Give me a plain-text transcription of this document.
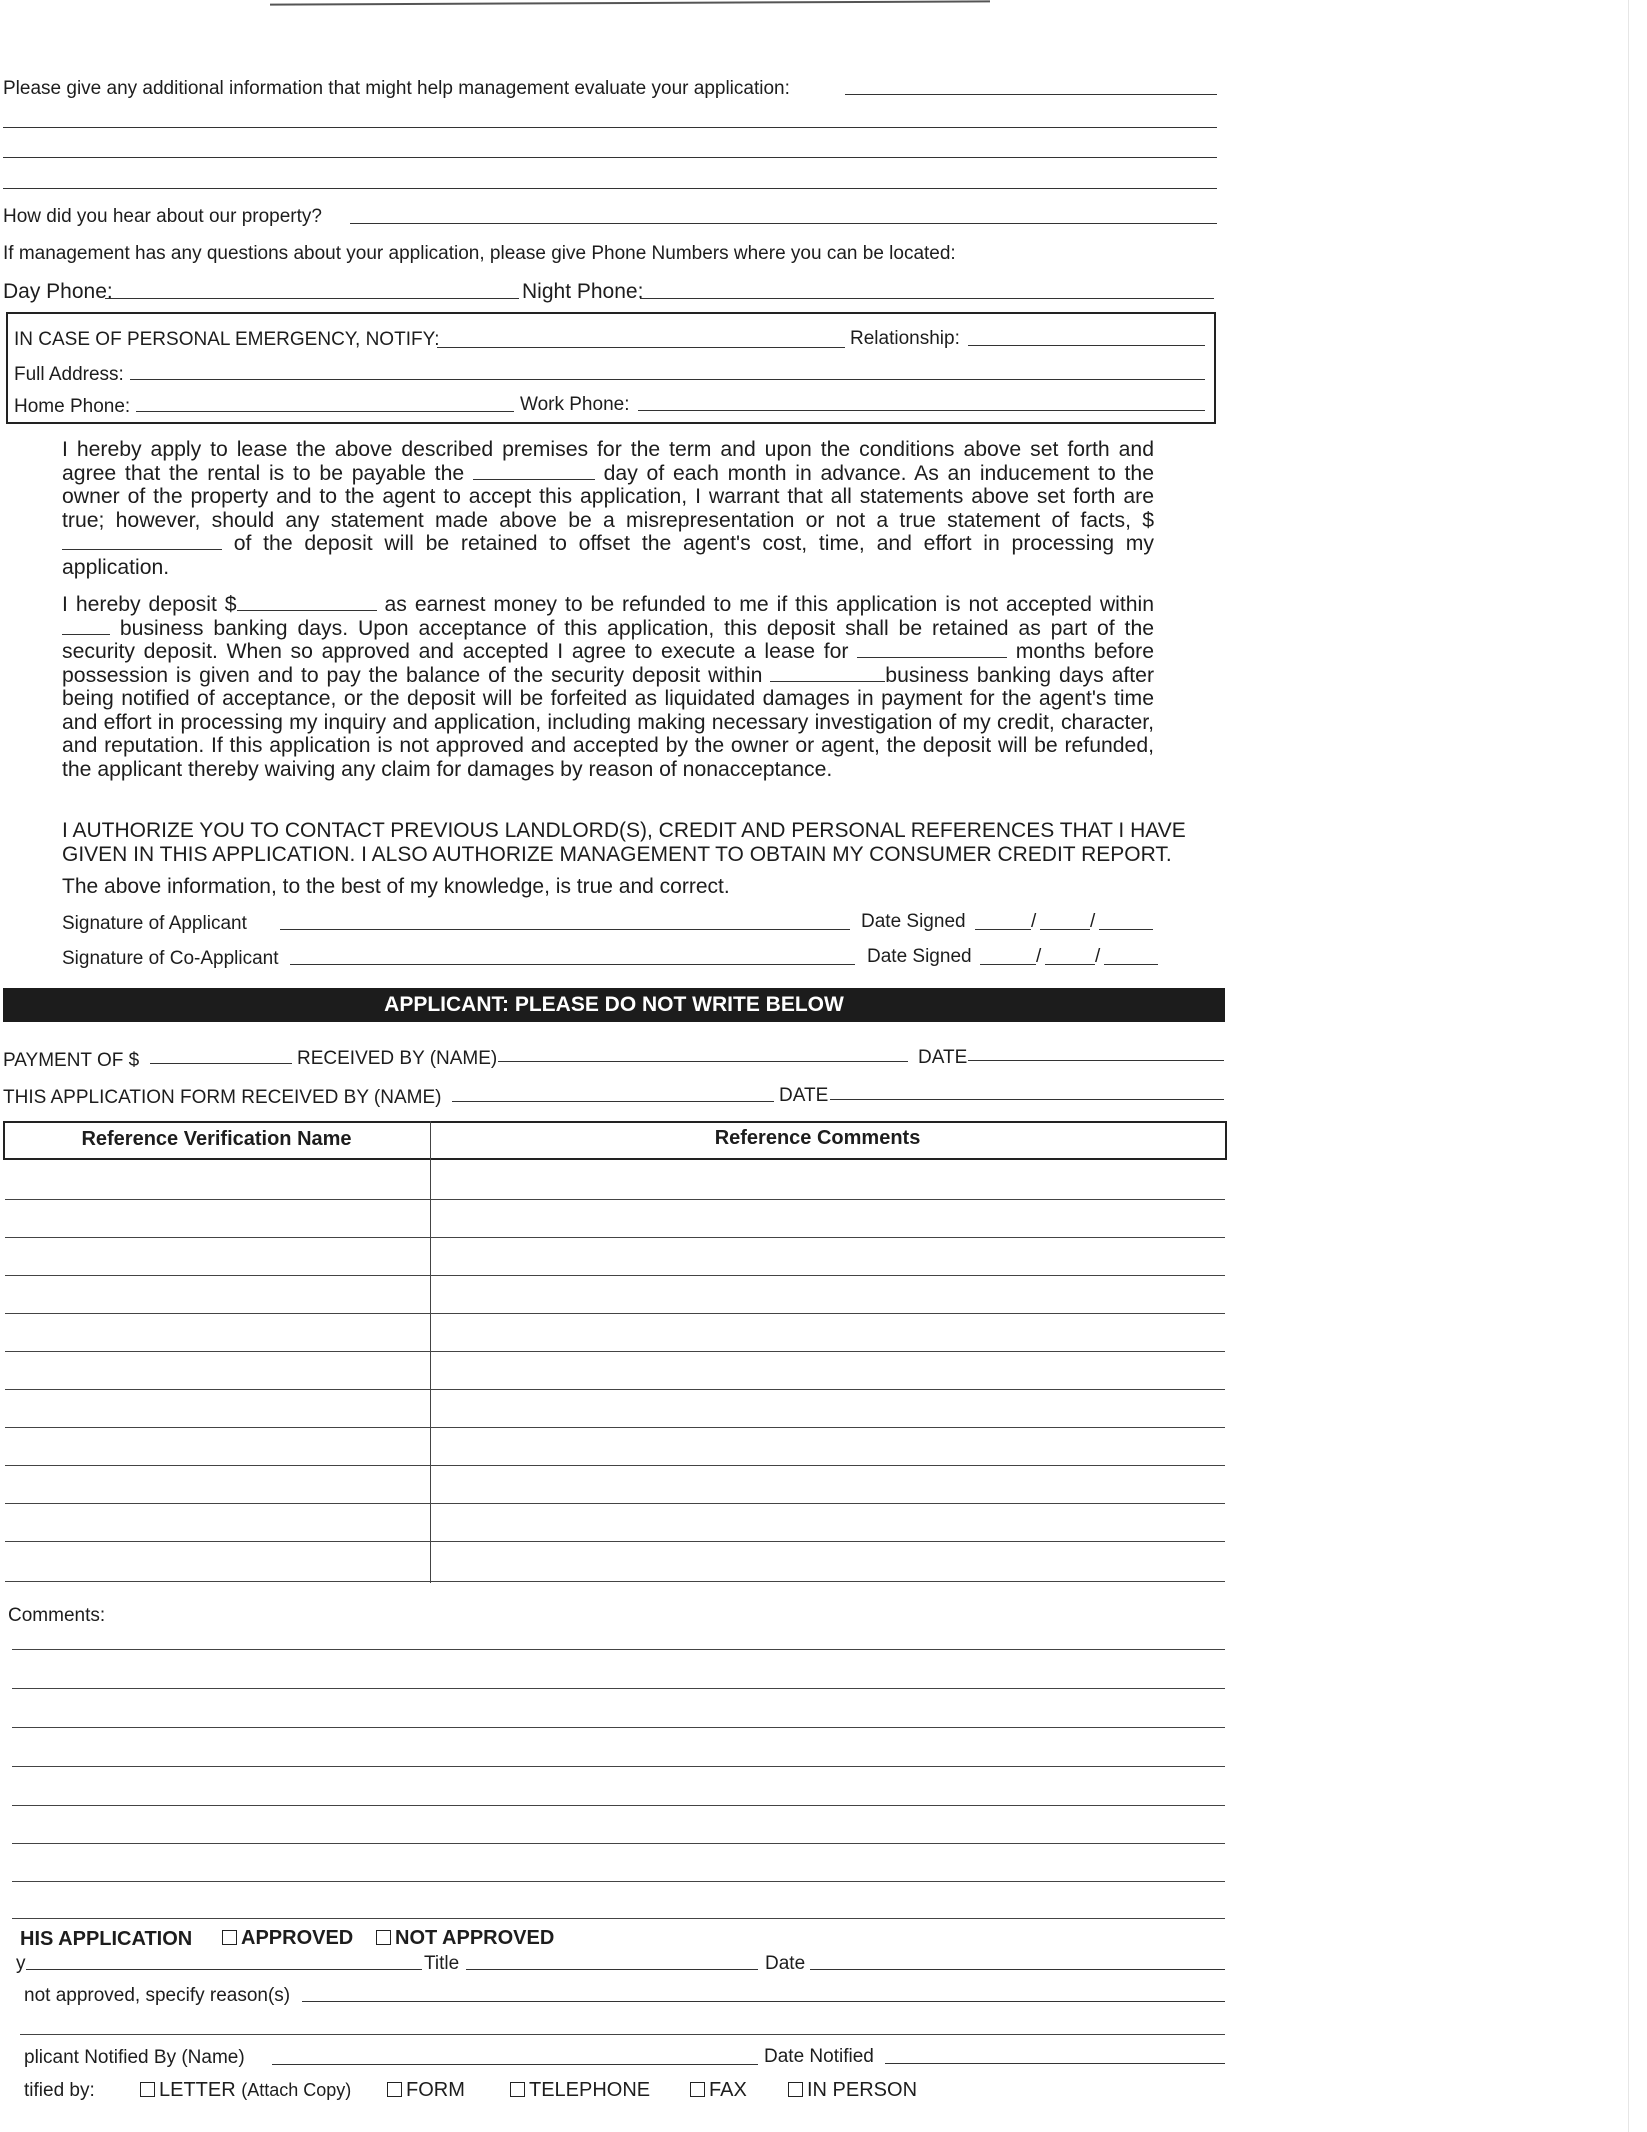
Please give any additional information that might help management evaluate your application:
How did you hear about our property?
If management has any questions about your application, please give Phone Numbers where you can be located:
Day Phone:	Night Phone:
IN CASE OF PERSONAL EMERGENCY, NOTIFY:	Relationship:
Full Address:
Home Phone:	Work Phone:
I hereby apply to lease the above described premises for the term and upon the conditions above set forth and agree that the rental is to be payable the	day of each month in advance. As an inducement to the owner of the property and to the agent to accept this application, I warrant that all statements above set forth are true; however, should any statement made above be a misrepresentation or not a true statement of facts, $ of the deposit will be retained to offset the agent's cost, time, and effort in processing my application.
I hereby deposit $	as earnest money to be refunded to me if this application is not accepted within  business banking days. Upon acceptance of this application, this deposit shall be retained as part of the security deposit. When so approved and accepted I agree to execute a lease for	months before possession is given and to pay the balance of the security deposit within	business banking days after being notified of acceptance, or the deposit will be forfeited as liquidated damages in payment for the agent's time and effort in processing my inquiry and application, including making necessary investigation of my credit, character, and reputation. If this application is not approved and accepted by the owner or agent, the deposit will be refunded, the applicant thereby waiving any claim for damages by reason of nonacceptance.
I AUTHORIZE YOU TO CONTACT PREVIOUS LANDLORD(S), CREDIT AND PERSONAL REFERENCES THAT I HAVE
GIVEN IN THIS APPLICATION. I ALSO AUTHORIZE MANAGEMENT TO OBTAIN MY CONSUMER CREDIT REPORT.
The above information, to the best of my knowledge, is true and correct.
Signature of Applicant	Date Signed	/	/
Signature of Co-Applicant	Date Signed	/	/
APPLICANT: PLEASE DO NOT WRITE BELOW
PAYMENT OF $	RECEIVED BY (NAME)	DATE
THIS APPLICATION FORM RECEIVED BY (NAME)	DATE
Reference Verification Name	Reference Comments
Comments:
HIS APPLICATION	APPROVED	NOT APPROVED
y	Title	Date
not approved, specify reason(s)
plicant Notified By (Name)	Date Notified
tified by:	LETTER (Attach Copy)	FORM	TELEPHONE	FAX	IN PERSON
